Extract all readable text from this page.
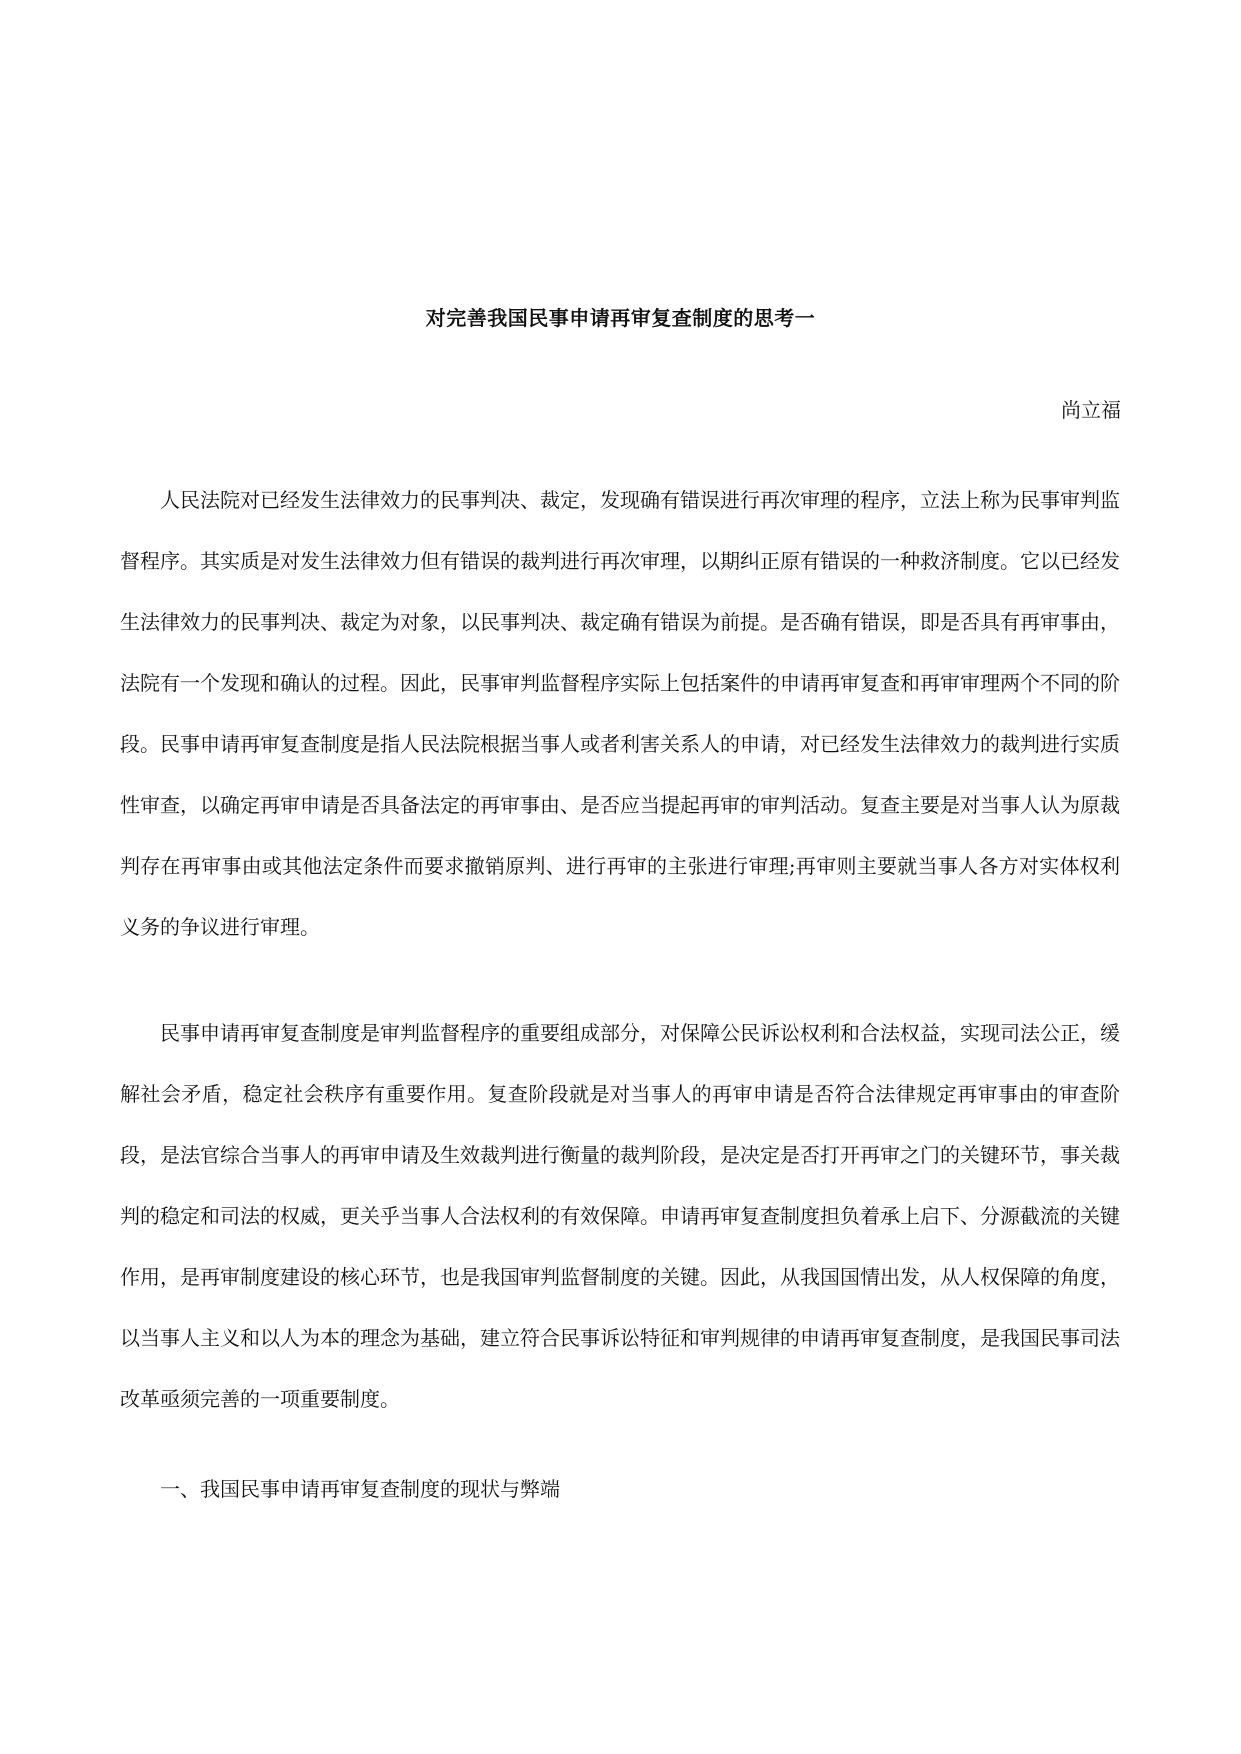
对完善我国民事申请再审复查制度的思考一
尚立福

人民法院对已经发生法律效力的民事判决、裁定，发现确有错误进行再次审理的程序，立法上称为民事审判监督程序。其实质是对发生法律效力但有错误的裁判进行再次审理，以期纠正原有错误的一种救济制度。它以已经发生法律效力的民事判决、裁定为对象，以民事判决、裁定确有错误为前提。是否确有错误，即是否具有再审事由，法院有一个发现和确认的过程。因此，民事审判监督程序实际上包括案件的申请再审复查和再审审理两个不同的阶段。民事申请再审复查制度是指人民法院根据当事人或者利害关系人的申请，对已经发生法律效力的裁判进行实质性审查，以确定再审申请是否具备法定的再审事由、是否应当提起再审的审判活动。复查主要是对当事人认为原裁判存在再审事由或其他法定条件而要求撤销原判、进行再审的主张进行审理;再审则主要就当事人各方对实体权利义务的争议进行审理。

民事申请再审复查制度是审判监督程序的重要组成部分，对保障公民诉讼权利和合法权益，实现司法公正，缓解社会矛盾，稳定社会秩序有重要作用。复查阶段就是对当事人的再审申请是否符合法律规定再审事由的审查阶段，是法官综合当事人的再审申请及生效裁判进行衡量的裁判阶段，是决定是否打开再审之门的关键环节，事关裁判的稳定和司法的权威，更关乎当事人合法权利的有效保障。申请再审复查制度担负着承上启下、分源截流的关键作用，是再审制度建设的核心环节，也是我国审判监督制度的关键。因此，从我国国情出发，从人权保障的角度，以当事人主义和以人为本的理念为基础，建立符合民事诉讼特征和审判规律的申请再审复查制度，是我国民事司法改革亟须完善的一项重要制度。

一、我国民事申请再审复查制度的现状与弊端
